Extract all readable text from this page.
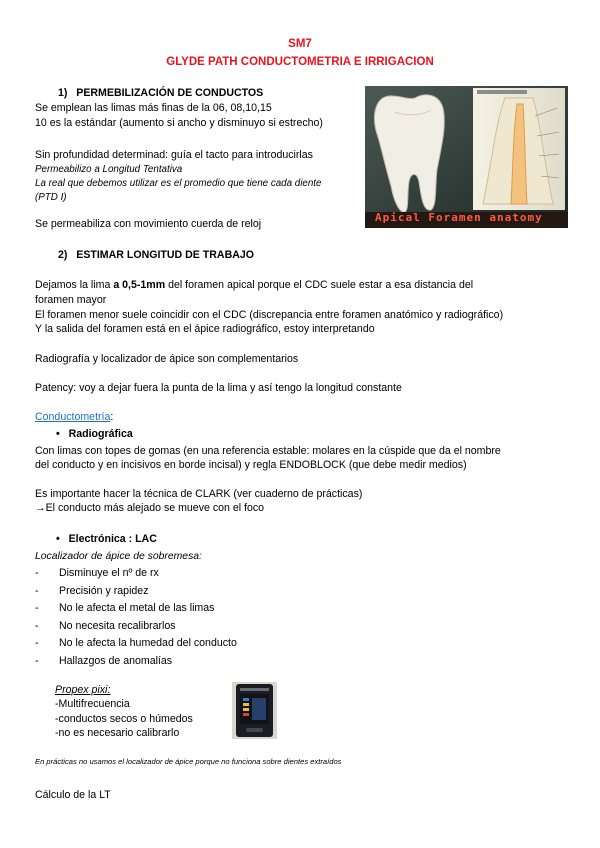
SM7
GLYDE PATH CONDUCTOMETRIA E IRRIGACION
1) PERMEBILIZACIÓN DE CONDUCTOS
Se emplean las limas más finas de la 06, 08,10,15
10 es la estándar (aumento si ancho y disminuyo si estrecho)
Sin profundidad determinad: guía el tacto para introducirlas
Permeabilizo a Longitud Tentativa
La real que debemos utilizar es el promedio que tiene cada diente
(PTD I)
Se permeabiliza con movimiento cuerda de reloj	Apical Foramen anatomy
2) ESTIMAR LONGITUD DE TRABAJO
Dejamos la lima a 0,5-1mm del foramen apical porque el CDC suele estar a esa distancia del
foramen mayor
El foramen menor suele coincidir con el CDC (discrepancia entre foramen anatómico y radiográfico)
Y la salida del foramen está en el ápice radiográfico, estoy interpretando
Radiografía y localizador de ápice son complementarios
Patency: voy a dejar fuera la punta de la lima y así tengo la longitud constante
Conductometría:
• Radiográfica
Con limas con topes de gomas (en una referencia estable: molares en la cúspide que da el nombre
del conducto y en incisivos en borde incisal) y regla ENDOBLOCK (que debe medir medios)
Es importante hacer la técnica de CLARK (ver cuaderno de prácticas)
→El conducto más alejado se mueve con el foco
• Electrónica : LAC
Localizador de ápice de sobremesa:
- Disminuye el nº de rx
- Precisión y rapidez
- No le afecta el metal de las limas
- No necesita recalibrarlos
- No le afecta la humedad del conducto
- Hallazgos de anomalías
Propex pixi:
-Multifrecuencia
-conductos secos o húmedos
-no es necesario calibrarlo
En prácticas no usamos el localizador de ápice porque no funciona sobre dientes extraídos
Cálculo de la LT
